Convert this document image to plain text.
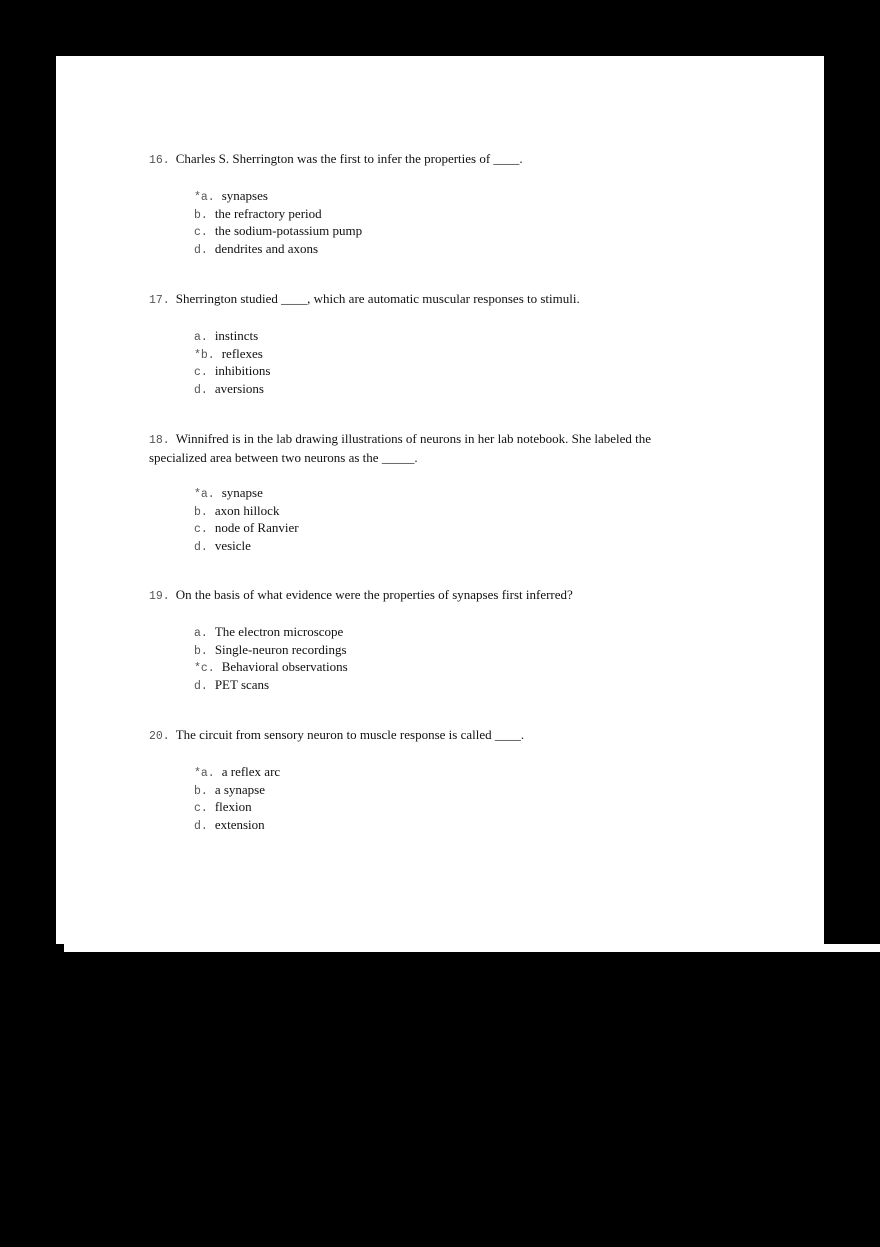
16. Charles S. Sherrington was the first to infer the properties of ____.

*a. synapses
b. the refractory period
c. the sodium-potassium pump
d. dendrites and axons

17. Sherrington studied ____, which are automatic muscular responses to stimuli.

a. instincts
*b. reflexes
c. inhibitions
d. aversions

18. Winnifred is in the lab drawing illustrations of neurons in her lab notebook. She labeled the specialized area between two neurons as the _____.

*a. synapse
b. axon hillock
c. node of Ranvier
d. vesicle

19. On the basis of what evidence were the properties of synapses first inferred?

a. The electron microscope
b. Single-neuron recordings
*c. Behavioral observations
d. PET scans

20. The circuit from sensory neuron to muscle response is called ____.

*a. a reflex arc
b. a synapse
c. flexion
d. extension
